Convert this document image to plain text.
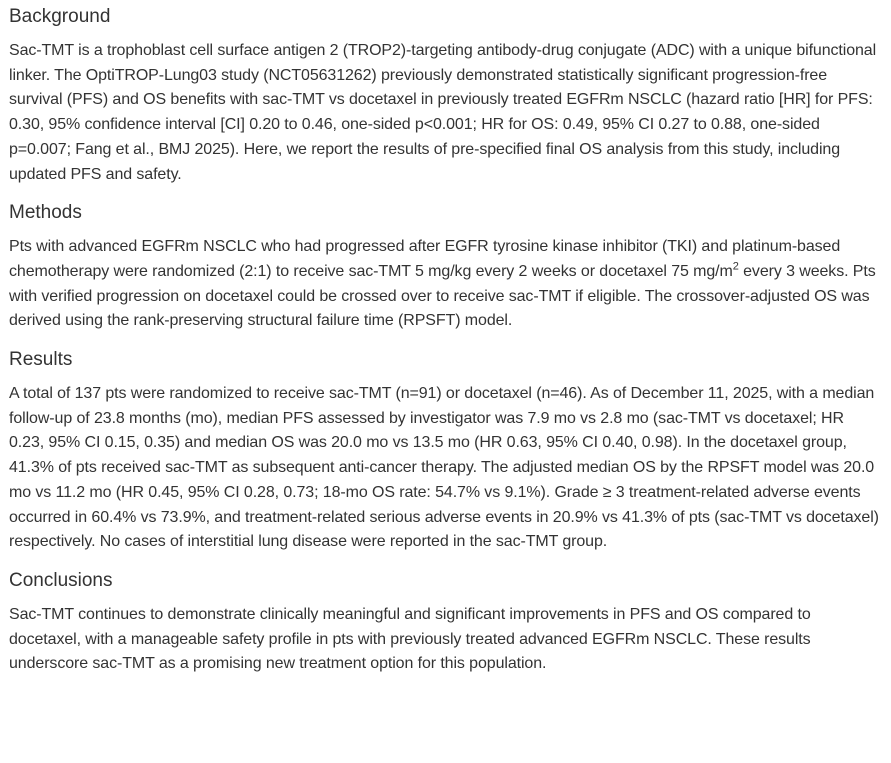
Background

Sac-TMT is a trophoblast cell surface antigen 2 (TROP2)-targeting antibody-drug conjugate (ADC) with a unique bifunctional linker. The OptiTROP-Lung03 study (NCT05631262) previously demonstrated statistically significant progression-free survival (PFS) and OS benefits with sac-TMT vs docetaxel in previously treated EGFRm NSCLC (hazard ratio [HR] for PFS: 0.30, 95% confidence interval [CI] 0.20 to 0.46, one-sided p<0.001; HR for OS: 0.49, 95% CI 0.27 to 0.88, one-sided p=0.007; Fang et al., BMJ 2025). Here, we report the results of pre-specified final OS analysis from this study, including updated PFS and safety.

Methods

Pts with advanced EGFRm NSCLC who had progressed after EGFR tyrosine kinase inhibitor (TKI) and platinum-based chemotherapy were randomized (2:1) to receive sac-TMT 5 mg/kg every 2 weeks or docetaxel 75 $mg/m^2$ every 3 weeks. Pts with verified progression on docetaxel could be crossed over to receive sac-TMT if eligible. The crossover-adjusted OS was derived using the rank-preserving structural failure time (RPSFT) model.

Results

A total of 137 pts were randomized to receive sac-TMT (n=91) or docetaxel (n=46). As of December 11, 2025, with a median follow-up of 23.8 months (mo), median PFS assessed by investigator was 7.9 mo vs 2.8 mo (sac-TMT vs docetaxel; HR 0.23, 95% CI 0.15, 0.35) and median OS was 20.0 mo vs 13.5 mo (HR 0.63, 95% CI 0.40, 0.98). In the docetaxel group, 41.3% of pts received sac-TMT as subsequent anti-cancer therapy. The adjusted median OS by the RPSFT model was 20.0 mo vs 11.2 mo (HR 0.45, 95% CI 0.28, 0.73; 18-mo OS rate: 54.7% vs 9.1%). Grade ≥ 3 treatment-related adverse events occurred in 60.4% vs 73.9%, and treatment-related serious adverse events in 20.9% vs 41.3% of pts (sac-TMT vs docetaxel) respectively. No cases of interstitial lung disease were reported in the sac-TMT group.

Conclusions

Sac-TMT continues to demonstrate clinically meaningful and significant improvements in PFS and OS compared to docetaxel, with a manageable safety profile in pts with previously treated advanced EGFRm NSCLC. These results underscore sac-TMT as a promising new treatment option for this population.
